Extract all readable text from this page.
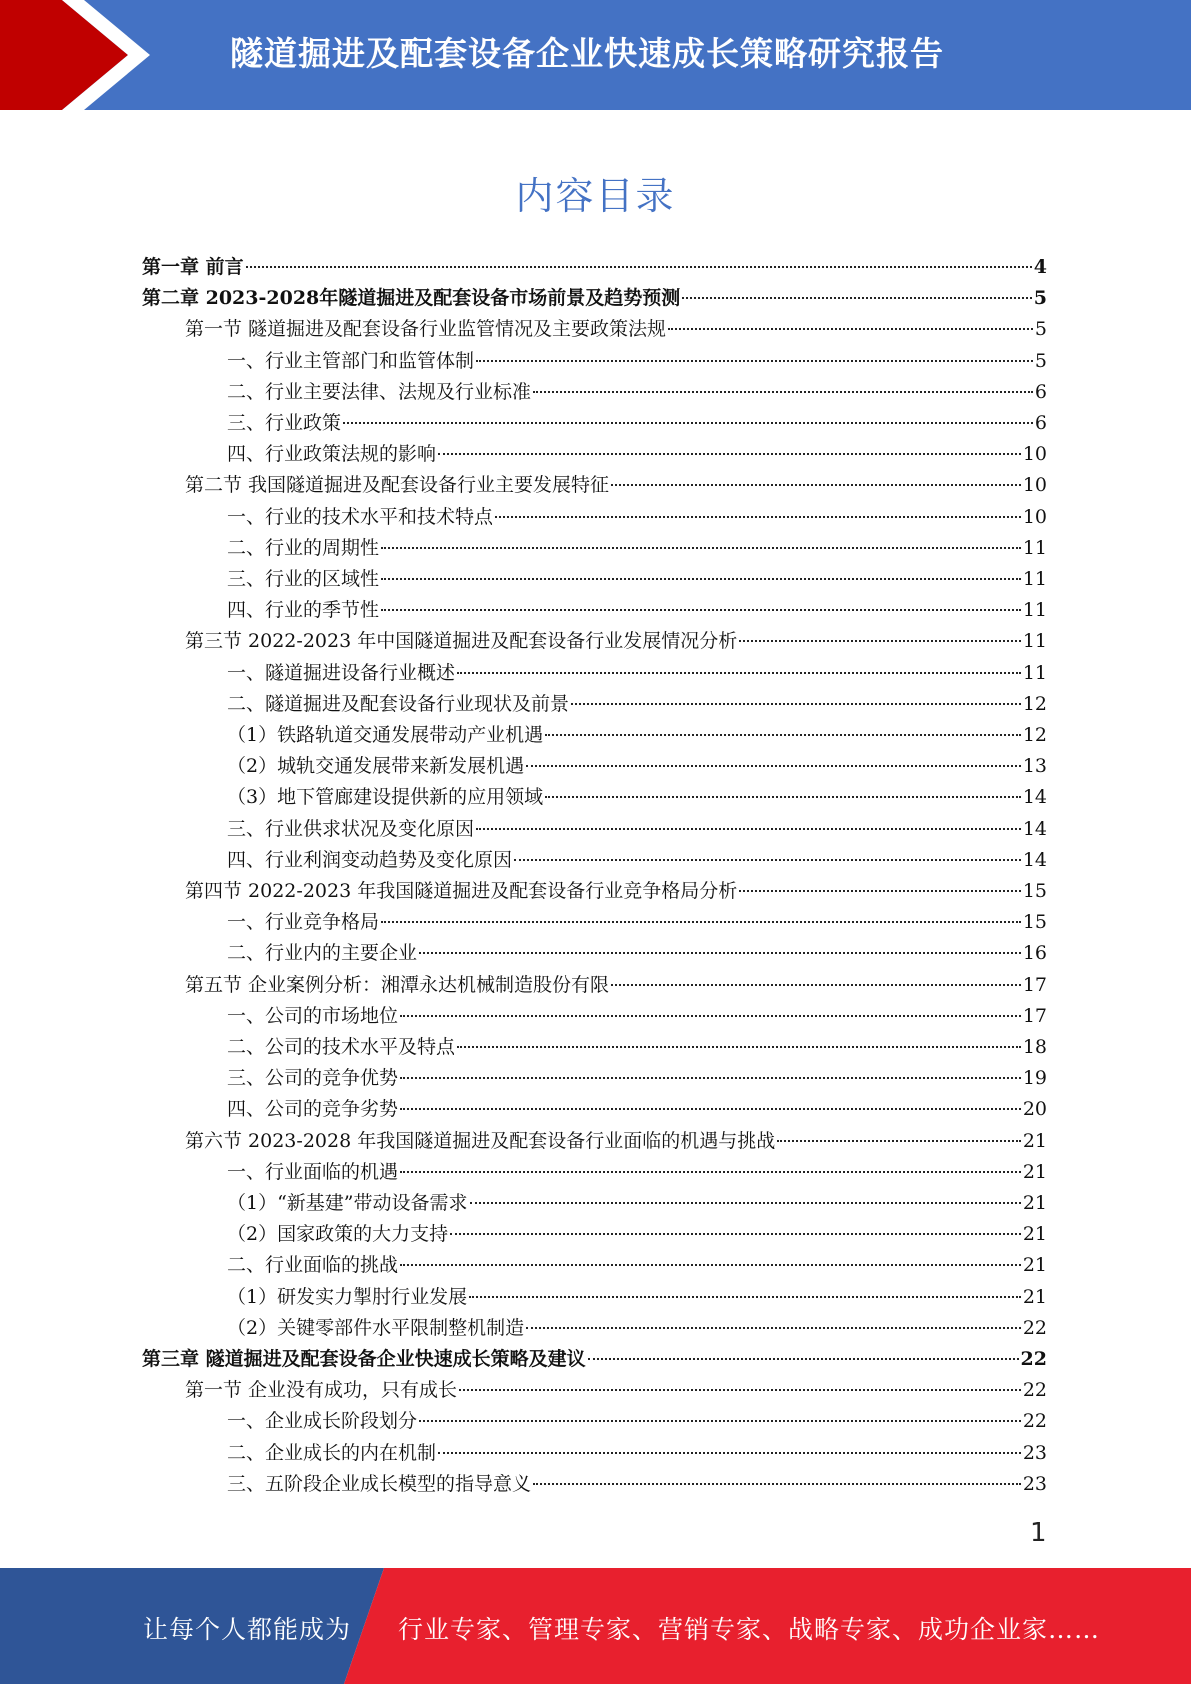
隧道掘进及配套设备企业快速成长策略研究报告
内容目录
第一章 前言	4
第二章 2023-2028年隧道掘进及配套设备市场前景及趋势预测	5
第一节 隧道掘进及配套设备行业监管情况及主要政策法规	5
一、行业主管部门和监管体制	5
二、行业主要法律、法规及行业标准	6
三、行业政策	6
四、行业政策法规的影响	10
第二节 我国隧道掘进及配套设备行业主要发展特征	10
一、行业的技术水平和技术特点	10
二、行业的周期性	11
三、行业的区域性	11
四、行业的季节性	11
第三节 2022-2023 年中国隧道掘进及配套设备行业发展情况分析	11
一、隧道掘进设备行业概述	11
二、隧道掘进及配套设备行业现状及前景	12
（1）铁路轨道交通发展带动产业机遇	12
（2）城轨交通发展带来新发展机遇	13
（3）地下管廊建设提供新的应用领域	14
三、行业供求状况及变化原因	14
四、行业利润变动趋势及变化原因	14
第四节 2022-2023 年我国隧道掘进及配套设备行业竞争格局分析	15
一、行业竞争格局	15
二、行业内的主要企业	16
第五节 企业案例分析：湘潭永达机械制造股份有限	17
一、公司的市场地位	17
二、公司的技术水平及特点	18
三、公司的竞争优势	19
四、公司的竞争劣势	20
第六节 2023-2028 年我国隧道掘进及配套设备行业面临的机遇与挑战	21
一、行业面临的机遇	21
（1）“新基建”带动设备需求	21
（2）国家政策的大力支持	21
二、行业面临的挑战	21
（1）研发实力掣肘行业发展	21
（2）关键零部件水平限制整机制造	22
第三章 隧道掘进及配套设备企业快速成长策略及建议	22
第一节 企业没有成功，只有成长	22
一、企业成长阶段划分	22
二、企业成长的内在机制	23
三、五阶段企业成长模型的指导意义	23
1
让每个人都能成为 行业专家、管理专家、营销专家、战略专家、成功企业家……
